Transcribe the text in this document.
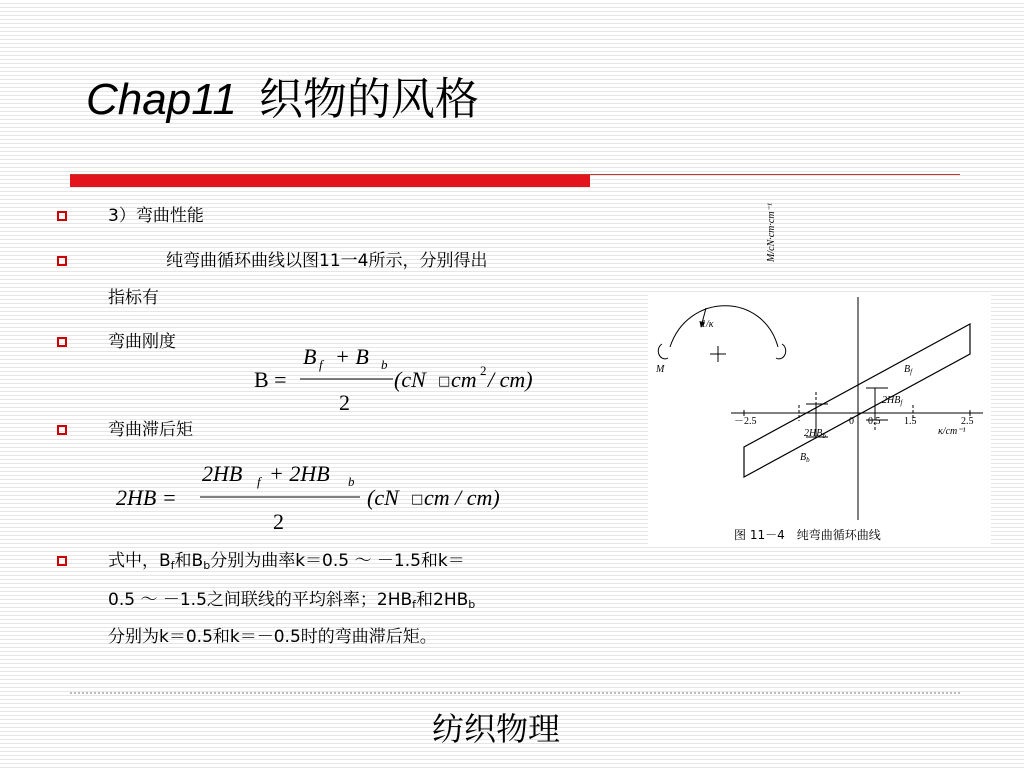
Chap11 织物的风格
3）弯曲性能
纯弯曲循环曲线以图11一4所示，分别得出
指标有
弯曲刚度
B =
B f + B b
2
(cN □ cm 2 / cm)
弯曲滞后矩
2HB =
2HB f + 2HB b
2
(cN □ cm / cm)
式中，$B_f$和$B_b$分别为曲率k＝0.5 ～ －1.5和k＝
0.5 ～ －1.5之间联线的平均斜率；$2HB_f$和$2HB_b$
分别为k＝0.5和k＝－0.5时的弯曲滞后矩。
1/κ
M
M/cN·cm·cm⁻¹
κ/cm⁻¹
－2.5	0 0.5 1.5	2.5
$B_f$
$2HB_f$
$2HB_b$
$B_b$
图 11－4　纯弯曲循环曲线
纺织物理
